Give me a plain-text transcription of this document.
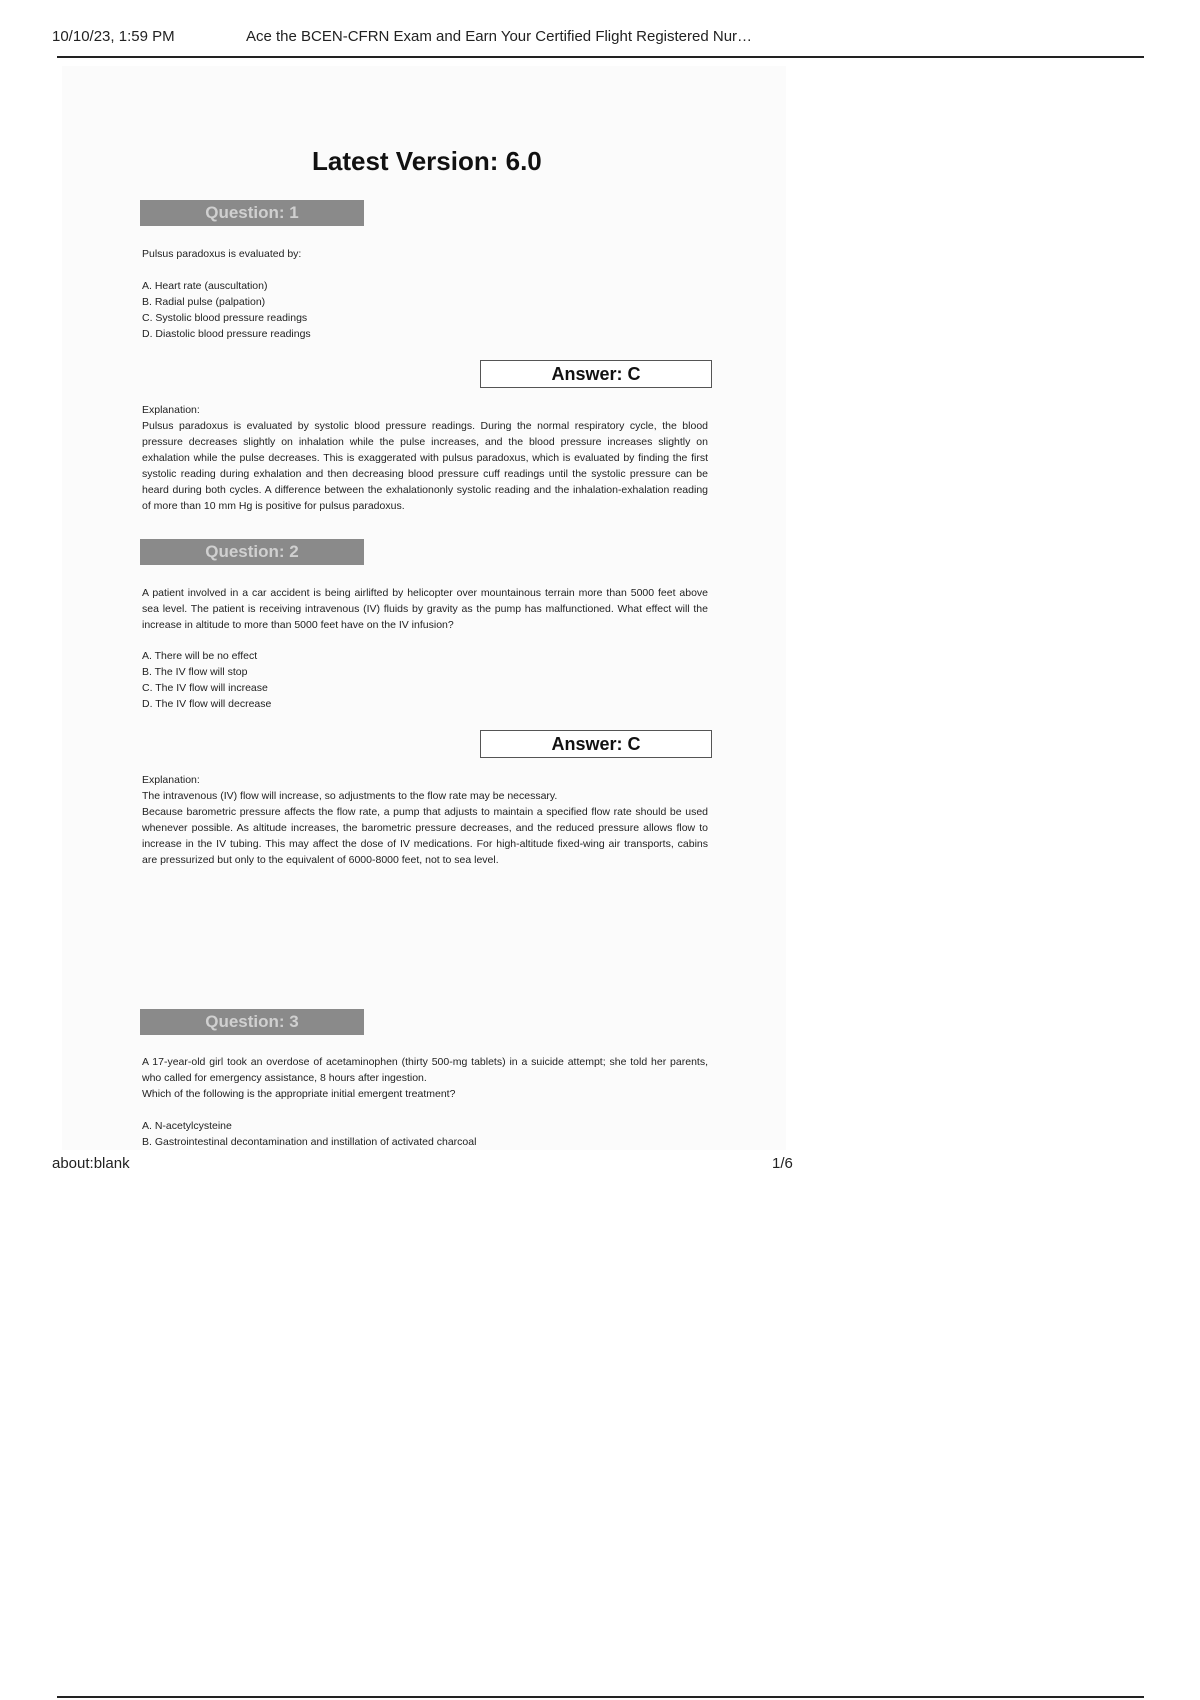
10/10/23, 1:59 PM	Ace the BCEN-CFRN Exam and Earn Your Certified Flight Registered Nur…
Latest Version: 6.0
Question: 1

Pulsus paradoxus is evaluated by:

A. Heart rate (auscultation)
B. Radial pulse (palpation)
C. Systolic blood pressure readings
D. Diastolic blood pressure readings
Answer: C

Explanation:

Pulsus paradoxus is evaluated by systolic blood pressure readings. During the normal respiratory cycle, the blood pressure decreases slightly on inhalation while the pulse increases, and the blood pressure increases slightly on exhalation while the pulse decreases. This is exaggerated with pulsus paradoxus, which is evaluated by finding the first systolic reading during exhalation and then decreasing blood pressure cuff readings until the systolic pressure can be heard during both cycles. A difference between the exhalationonly systolic reading and the inhalation-exhalation reading of more than 10 mm Hg is positive for pulsus paradoxus.

Question: 2

A patient involved in a car accident is being airlifted by helicopter over mountainous terrain more than 5000 feet above sea level. The patient is receiving intravenous (IV) fluids by gravity as the pump has malfunctioned. What effect will the increase in altitude to more than 5000 feet have on the IV infusion?

A. There will be no effect
B. The IV flow will stop
C. The IV flow will increase
D. The IV flow will decrease
Answer: C

Explanation:

The intravenous (IV) flow will increase, so adjustments to the flow rate may be necessary.

Because barometric pressure affects the flow rate, a pump that adjusts to maintain a specified flow rate should be used whenever possible. As altitude increases, the barometric pressure decreases, and the reduced pressure allows flow to increase in the IV tubing. This may affect the dose of IV medications. For high-altitude fixed-wing air transports, cabins are pressurized but only to the equivalent of 6000-8000 feet, not to sea level.

Question: 3

A 17-year-old girl took an overdose of acetaminophen (thirty 500-mg tablets) in a suicide attempt; she told her parents, who called for emergency assistance, 8 hours after ingestion.

Which of the following is the appropriate initial emergent treatment?

A. N-acetylcysteine
B. Gastrointestinal decontamination and instillation of activated charcoal
about:blank	1/6
